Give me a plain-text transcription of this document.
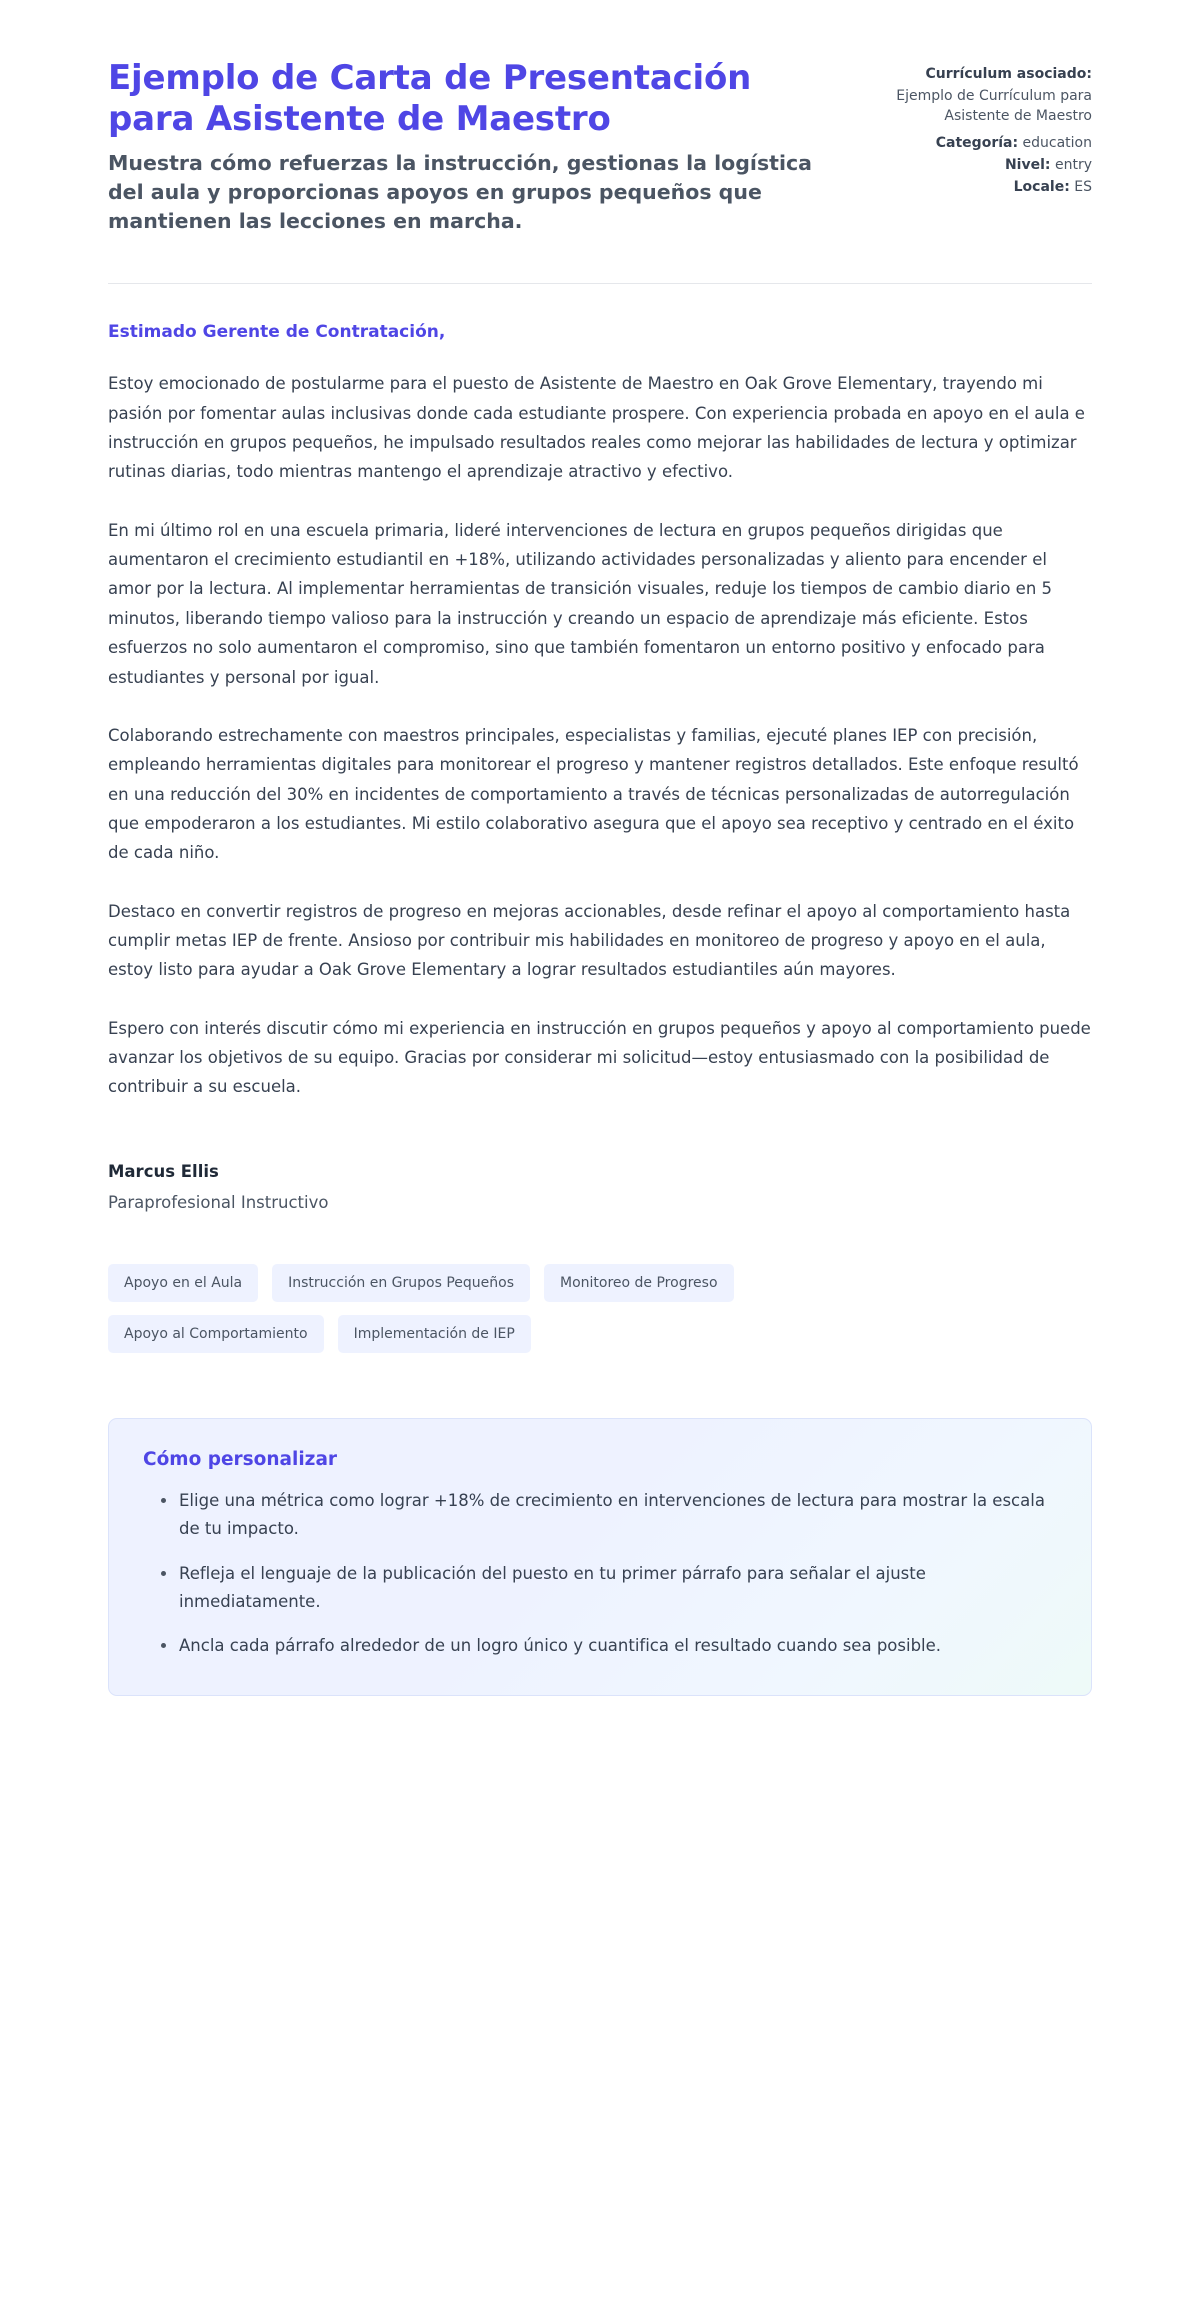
Ejemplo de Carta de Presentación para Asistente de Maestro

Muestra cómo refuerzas la instrucción, gestionas la logística del aula y proporcionas apoyos en grupos pequeños que mantienen las lecciones en marcha.

Currículum asociado:
Ejemplo de Currículum para Asistente de Maestro
Categoría: education
Nivel: entry
Locale: ES

Estimado Gerente de Contratación,

Estoy emocionado de postularme para el puesto de Asistente de Maestro en Oak Grove Elementary, trayendo mi pasión por fomentar aulas inclusivas donde cada estudiante prospere. Con experiencia probada en apoyo en el aula e instrucción en grupos pequeños, he impulsado resultados reales como mejorar las habilidades de lectura y optimizar rutinas diarias, todo mientras mantengo el aprendizaje atractivo y efectivo.

En mi último rol en una escuela primaria, lideré intervenciones de lectura en grupos pequeños dirigidas que aumentaron el crecimiento estudiantil en +18%, utilizando actividades personalizadas y aliento para encender el amor por la lectura. Al implementar herramientas de transición visuales, reduje los tiempos de cambio diario en 5 minutos, liberando tiempo valioso para la instrucción y creando un espacio de aprendizaje más eficiente. Estos esfuerzos no solo aumentaron el compromiso, sino que también fomentaron un entorno positivo y enfocado para estudiantes y personal por igual.

Colaborando estrechamente con maestros principales, especialistas y familias, ejecuté planes IEP con precisión, empleando herramientas digitales para monitorear el progreso y mantener registros detallados. Este enfoque resultó en una reducción del 30% en incidentes de comportamiento a través de técnicas personalizadas de autorregulación que empoderaron a los estudiantes. Mi estilo colaborativo asegura que el apoyo sea receptivo y centrado en el éxito de cada niño.

Destaco en convertir registros de progreso en mejoras accionables, desde refinar el apoyo al comportamiento hasta cumplir metas IEP de frente. Ansioso por contribuir mis habilidades en monitoreo de progreso y apoyo en el aula, estoy listo para ayudar a Oak Grove Elementary a lograr resultados estudiantiles aún mayores.

Espero con interés discutir cómo mi experiencia en instrucción en grupos pequeños y apoyo al comportamiento puede avanzar los objetivos de su equipo. Gracias por considerar mi solicitud—estoy entusiasmado con la posibilidad de contribuir a su escuela.

Marcus Ellis

Paraprofesional Instructivo

Apoyo en el Aula	Instrucción en Grupos Pequeños	Monitoreo de Progreso
Apoyo al Comportamiento	Implementación de IEP
Cómo personalizar
Elige una métrica como lograr +18% de crecimiento en intervenciones de lectura para mostrar la escala de tu impacto.
Refleja el lenguaje de la publicación del puesto en tu primer párrafo para señalar el ajuste inmediatamente.
Ancla cada párrafo alrededor de un logro único y cuantifica el resultado cuando sea posible.
